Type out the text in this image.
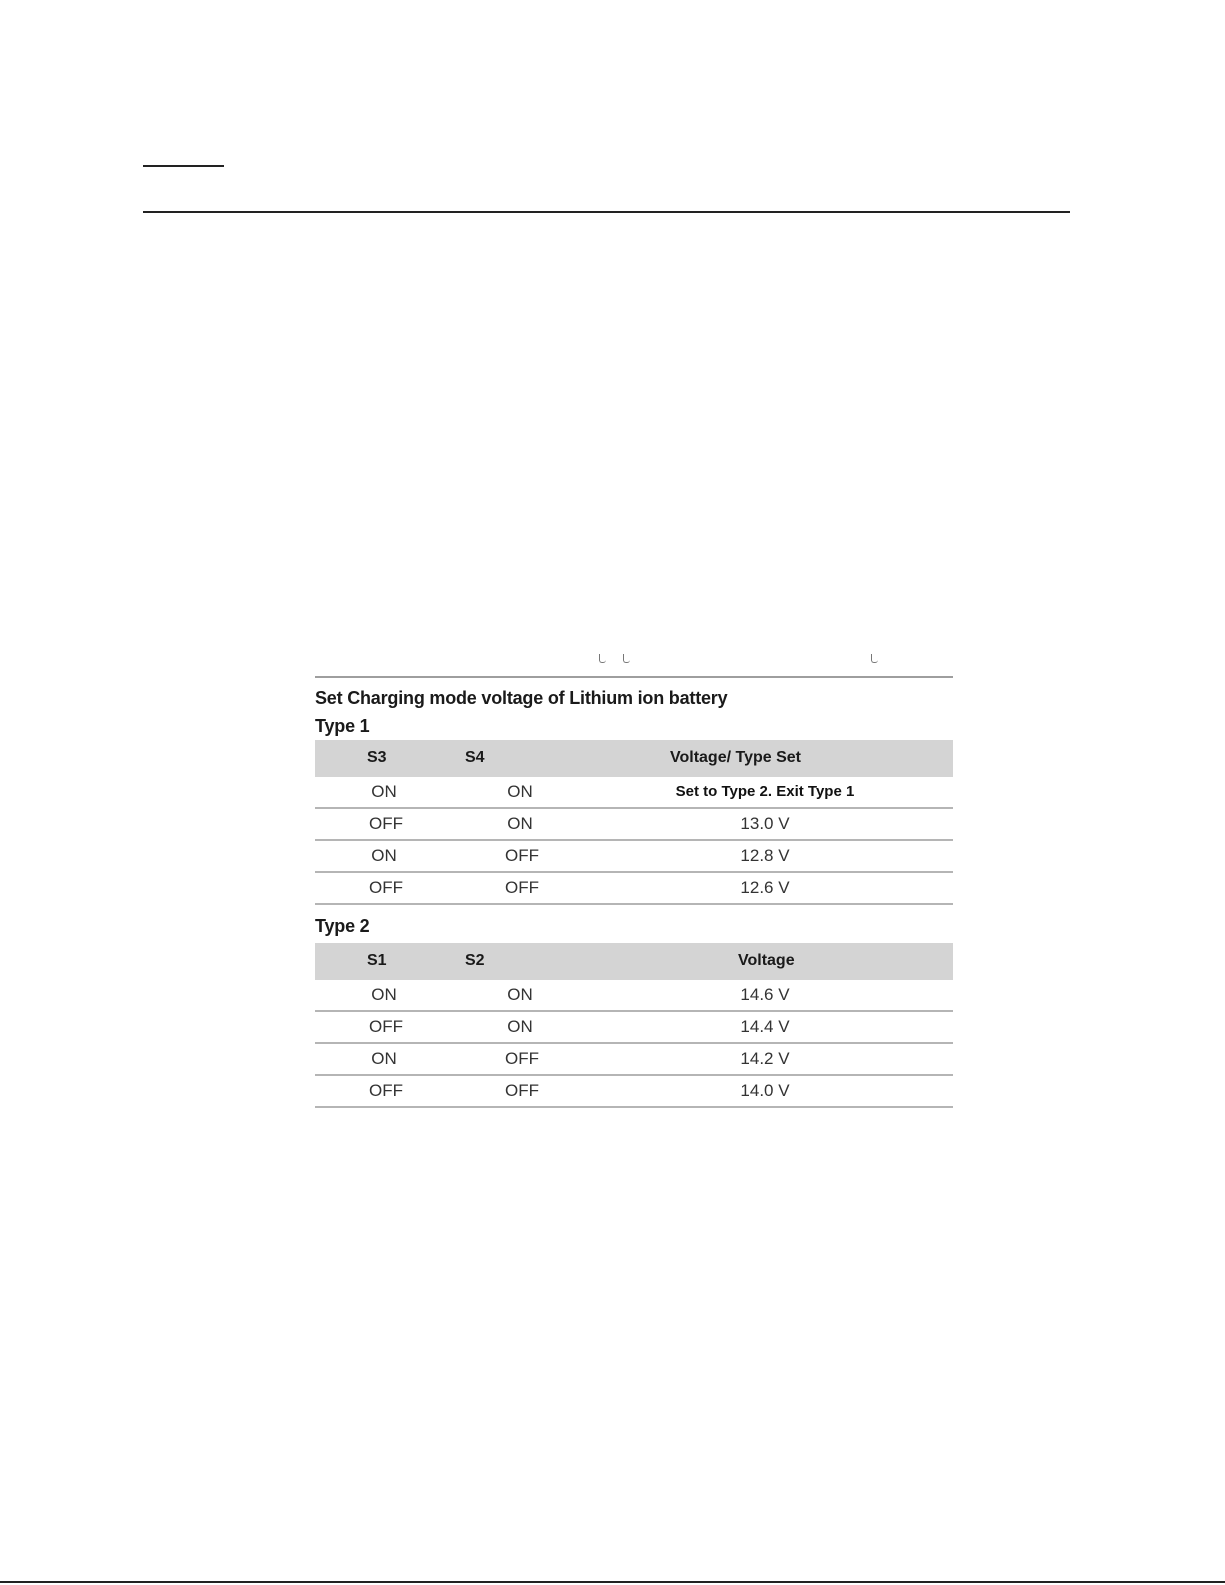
Set Charging mode voltage of Lithium ion battery
Type 1
S3	S4	Voltage/ Type Set
ON	ON	Set to Type 2. Exit Type 1
OFF	ON	13.0 V
ON	OFF	12.8 V
OFF	OFF	12.6 V
Type 2
S1	S2	Voltage
ON	ON	14.6 V
OFF	ON	14.4 V
ON	OFF	14.2 V
OFF	OFF	14.0 V
